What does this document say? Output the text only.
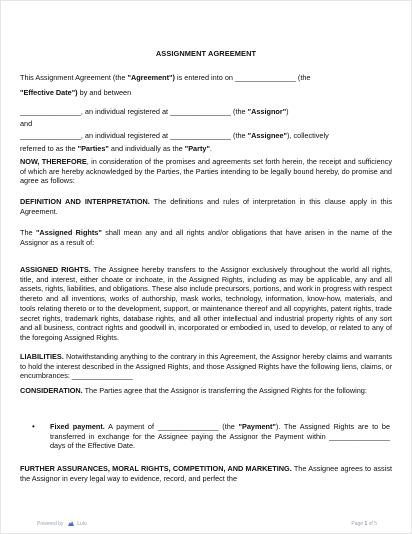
ASSIGNMENT AGREEMENT

This Assignment Agreement (the "Agreement") is entered into on _______________ (the
"Effective Date") by and between

_______________, an individual registered at _______________ (the "Assignor")

and

_______________, an individual registered at _______________ (the "Assignee"), collectively
referred to as the "Parties" and individually as the "Party".

NOW, THEREFORE, in consideration of the promises and agreements set forth herein, the receipt and sufficiency of which are hereby acknowledged by the Parties, the Parties intending to be legally bound hereby, do promise and agree as follows:

DEFINITION AND INTERPRETATION. The definitions and rules of interpretation in this clause apply in this Agreement.

The "Assigned Rights" shall mean any and all rights and/or obligations that have arisen in the name of the Assignor as a result of:

ASSIGNED RIGHTS. The Assignee hereby transfers to the Assignor exclusively throughout the world all rights, title, and interest, either choate or inchoate, in the Assigned Rights, including as may be applicable, any and all assets, rights, liabilities, and obligations. These also include precursors, portions, and work in progress with respect thereto and all inventions, works of authorship, mask works, technology, information, know-how, materials, and tools relating thereto or to the development, support, or maintenance thereof and all copyrights, patent rights, trade secret rights, trademark rights, database rights, and all other intellectual and industrial property rights of any sort and all business, contract rights and goodwill in, incorporated or embodied in, used to develop, or related to any of the foregoing Assigned Rights.

LIABILITIES. Notwithstanding anything to the contrary in this Agreement, the Assignor hereby claims and warrants to hold the interest described in the Assigned Rights, and those Assigned Rights have the following liens, claims, or encumbrances: _______________

CONSIDERATION. The Parties agree that the Assignor is transferring the Assigned Rights for the following:

• Fixed payment. A payment of _______________ (the "Payment"). The Assigned Rights are to be transferred in exchange for the Assignee paying the Assignor the Payment within _______________ days of the Effective Date.

FURTHER ASSURANCES, MORAL RIGHTS, COMPETITION, AND MARKETING. The Assignee agrees to assist the Assignor in every legal way to evidence, record, and perfect the

Powered by	Lulu	Page 1 of 5
